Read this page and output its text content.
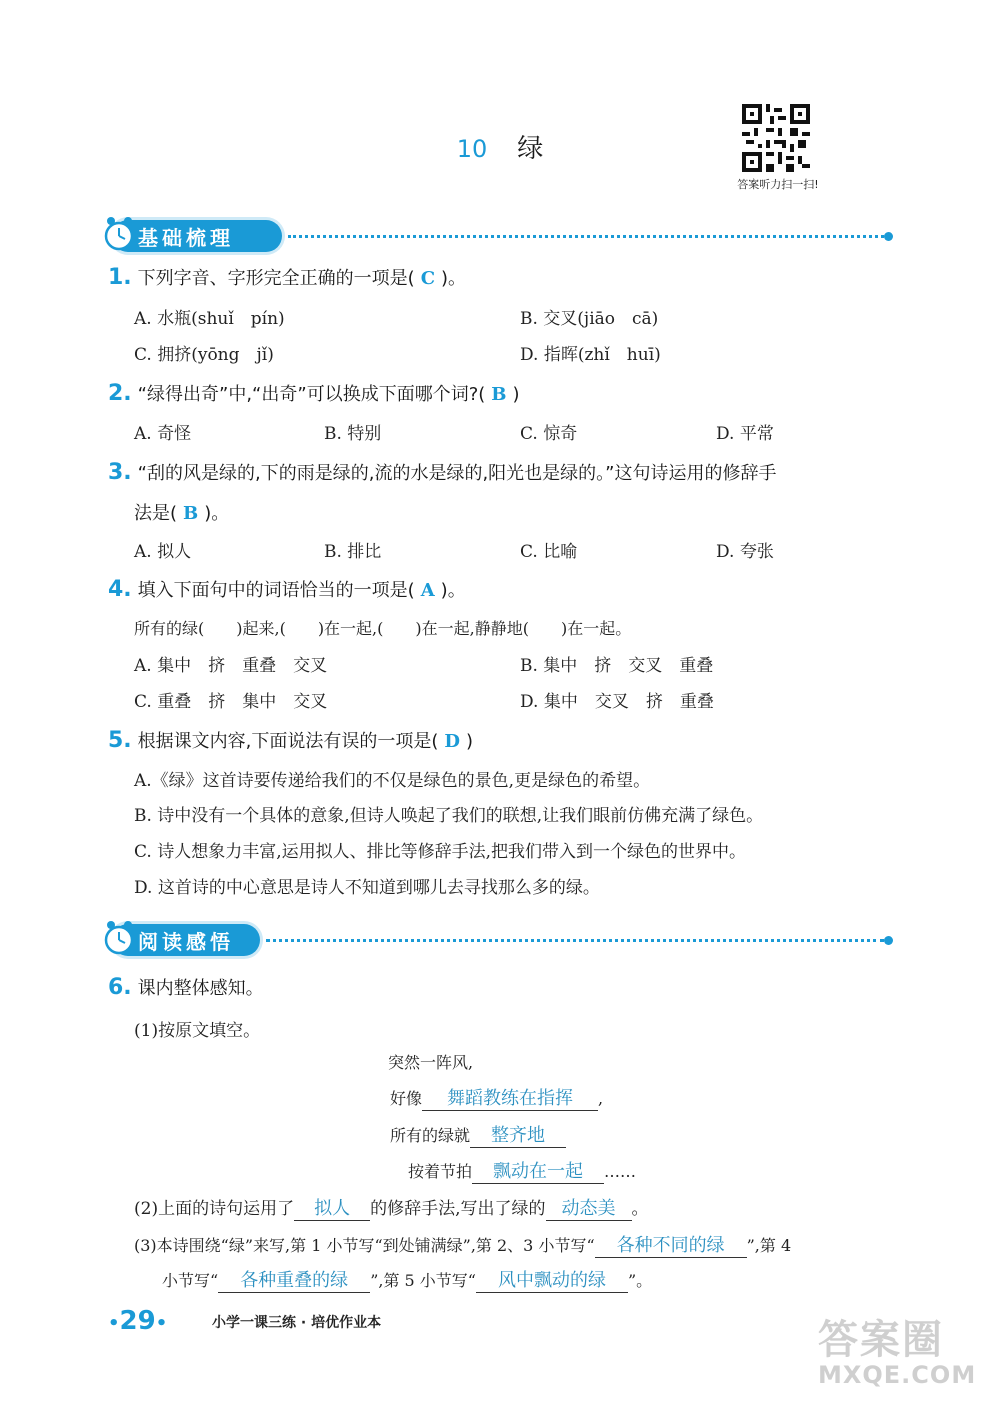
10 绿
答案听力扫一扫!
基础梳理
1. 下列字音、字形完全正确的一项是( C )。
A. 水瓶(shuǐ　pín)	B. 交叉(jiāo　cā)
C. 拥挤(yōng　jǐ)	D. 指晖(zhǐ　huī)
2. “绿得出奇”中,“出奇”可以换成下面哪个词?( B )
A. 奇怪	B. 特别	C. 惊奇	D. 平常
3. “刮的风是绿的,下的雨是绿的,流的水是绿的,阳光也是绿的。”这句诗运用的修辞手
法是( B )。
A. 拟人	B. 排比	C. 比喻	D. 夸张
4. 填入下面句中的词语恰当的一项是( A )。
所有的绿(　　)起来,(　　)在一起,(　　)在一起,静静地(　　)在一起。
A. 集中　挤　重叠　交叉	B. 集中　挤　交叉　重叠
C. 重叠　挤　集中　交叉	D. 集中　交叉　挤　重叠
5. 根据课文内容,下面说法有误的一项是( D )
A.《绿》这首诗要传递给我们的不仅是绿色的景色,更是绿色的希望。
B. 诗中没有一个具体的意象,但诗人唤起了我们的联想,让我们眼前仿佛充满了绿色。
C. 诗人想象力丰富,运用拟人、排比等修辞手法,把我们带入到一个绿色的世界中。
D. 这首诗的中心意思是诗人不知道到哪儿去寻找那么多的绿。
阅读感悟
6. 课内整体感知。
(1)按原文填空。
突然一阵风,
好像 舞蹈教练在指挥 ,
所有的绿就 整齐地
按着节拍 飘动在一起 ……
(2)上面的诗句运用了 拟人 的修辞手法,写出了绿的 动态美 。
(3)本诗围绕“绿”来写,第 1 小节写“到处铺满绿”,第 2、3 小节写“ 各种不同的绿 ”,第 4
小节写“ 各种重叠的绿 ”,第 5 小节写“ 风中飘动的绿 ”。
•29•	小学一课三练 · 培优作业本	答案圈
MXQE.COM
